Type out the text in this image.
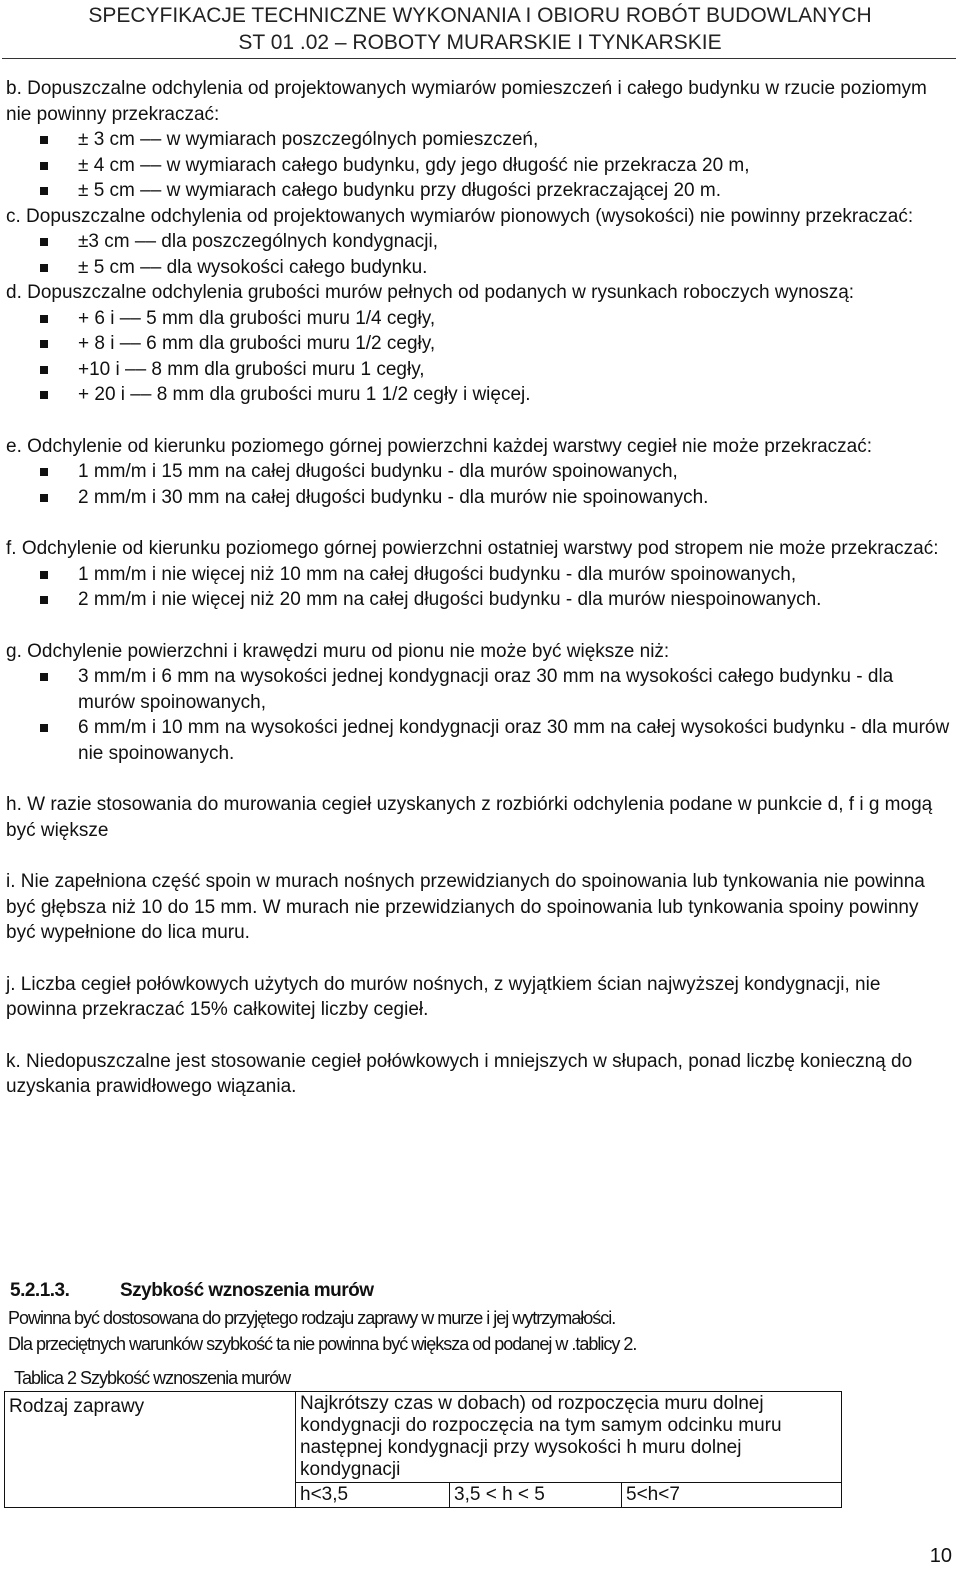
SPECYFIKACJE TECHNICZNE WYKONANIA I OBIORU ROBÓT BUDOWLANYCH
ST 01 .02 – ROBOTY MURARSKIE I TYNKARSKIE

b. Dopuszczalne odchylenia od projektowanych wymiarów pomieszczeń i całego budynku w rzucie poziomym nie powinny przekraczać:

± 3 cm –– w wymiarach poszczególnych pomieszczeń,
± 4 cm –– w wymiarach całego budynku, gdy jego długość nie przekracza 20 m,
± 5 cm –– w wymiarach całego budynku przy długości przekraczającej 20 m.

c. Dopuszczalne odchylenia od projektowanych wymiarów pionowych (wysokości) nie powinny przekraczać:

±3 cm –– dla poszczególnych kondygnacji,
± 5 cm –– dla wysokości całego budynku.

d. Dopuszczalne odchylenia grubości murów pełnych od podanych w rysunkach roboczych wynoszą:

+ 6 i –– 5 mm dla grubości muru 1/4 cegły,
+ 8 i –– 6 mm dla grubości muru 1/2 cegły,
+10 i –– 8 mm dla grubości muru 1 cegły,
+ 20 i –– 8 mm dla grubości muru 1 1/2 cegły i więcej.

e. Odchylenie od kierunku poziomego górnej powierzchni każdej warstwy cegieł nie może przekraczać:

1 mm/m i 15 mm na całej długości budynku - dla murów spoinowanych,
2 mm/m i 30 mm na całej długości budynku - dla murów nie spoinowanych.

f. Odchylenie od kierunku poziomego górnej powierzchni ostatniej warstwy pod stropem nie może przekraczać:

1 mm/m i nie więcej niż 10 mm na całej długości budynku - dla murów spoinowanych,
2 mm/m i nie więcej niż 20 mm na całej długości budynku - dla murów niespoinowanych.

g. Odchylenie powierzchni i krawędzi muru od pionu nie może być większe niż:

3 mm/m i 6 mm na wysokości jednej kondygnacji oraz 30 mm na wysokości całego budynku - dla murów spoinowanych,
6 mm/m i 10 mm na wysokości jednej kondygnacji oraz 30 mm na całej wysokości budynku - dla murów nie spoinowanych.

h. W razie stosowania do murowania cegieł uzyskanych z rozbiórki odchylenia podane w punkcie d, f i g mogą być większe

i. Nie zapełniona część spoin w murach nośnych przewidzianych do spoinowania lub tynkowania nie powinna być głębsza niż 10 do 15 mm. W murach nie przewidzianych do spoinowania lub tynkowania spoiny powinny być wypełnione do lica muru.

j. Liczba cegieł połówkowych użytych do murów nośnych, z wyjątkiem ścian najwyższej kondygnacji, nie powinna przekraczać 15% całkowitej liczby cegieł.

k. Niedopuszczalne jest stosowanie cegieł połówkowych i mniejszych w słupach, ponad liczbę konieczną do uzyskania prawidłowego wiązania.

5.2.1.3.	Szybkość wznoszenia murów
Powinna być dostosowana do przyjętego rodzaju zaprawy w murze i jej wytrzymałości.
Dla przeciętnych warunków szybkość ta nie powinna być większa od podanej w .tablicy 2.
Tablica 2 Szybkość wznoszenia murów
Rodzaj zaprawy	Najkrótszy czas w dobach) od rozpoczęcia muru dolnej kondygnacji do rozpoczęcia na tym samym odcinku muru następnej kondygnacji przy wysokości h muru dolnej kondygnacji		
	h<3,5	3,5 < h < 5	5<h<7
10
